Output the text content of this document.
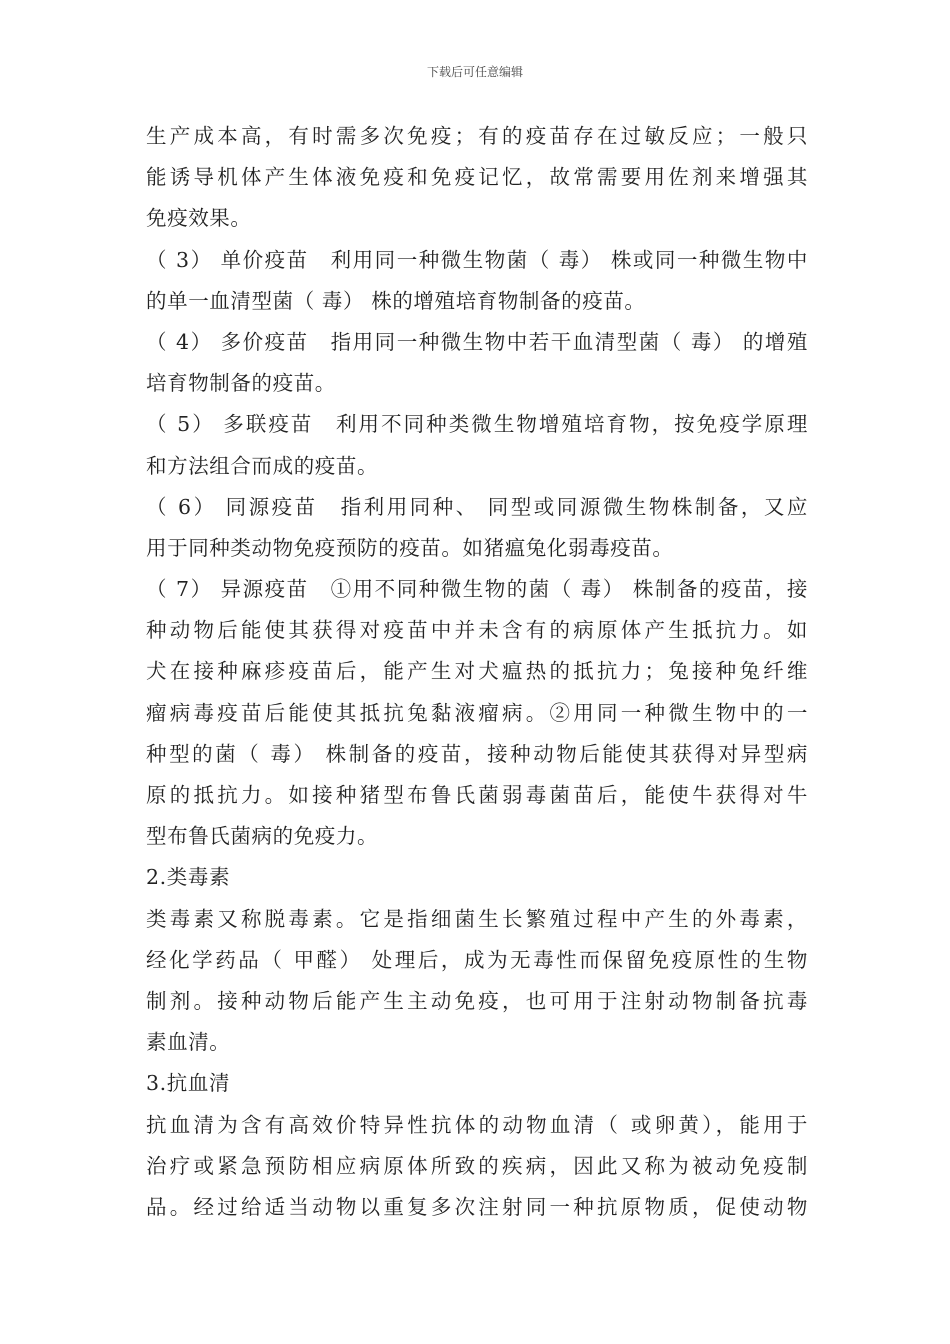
下载后可任意编辑
生产成本高，有时需多次免疫；有的疫苗存在过敏反应；一般只
能诱导机体产生体液免疫和免疫记忆，故常需要用佐剂来增强其
免疫效果。
（ 3） 单价疫苗　利用同一种微生物菌（ 毒） 株或同一种微生物中
的单一血清型菌（ 毒） 株的增殖培育物制备的疫苗。
（ 4） 多价疫苗　指用同一种微生物中若干血清型菌（ 毒） 的增殖
培育物制备的疫苗。
（ 5） 多联疫苗　利用不同种类微生物增殖培育物，按免疫学原理
和方法组合而成的疫苗。
（ 6） 同源疫苗　指利用同种、 同型或同源微生物株制备，又应
用于同种类动物免疫预防的疫苗。如猪瘟兔化弱毒疫苗。
（ 7） 异源疫苗　①用不同种微生物的菌（ 毒） 株制备的疫苗，接
种动物后能使其获得对疫苗中并未含有的病原体产生抵抗力。如
犬在接种麻疹疫苗后，能产生对犬瘟热的抵抗力；兔接种兔纤维
瘤病毒疫苗后能使其抵抗兔黏液瘤病。②用同一种微生物中的一
种型的菌（ 毒） 株制备的疫苗，接种动物后能使其获得对异型病
原的抵抗力。如接种猪型布鲁氏菌弱毒菌苗后，能使牛获得对牛
型布鲁氏菌病的免疫力。
2.类毒素
类毒素又称脱毒素。它是指细菌生长繁殖过程中产生的外毒素，
经化学药品（ 甲醛） 处理后，成为无毒性而保留免疫原性的生物
制剂。接种动物后能产生主动免疫，也可用于注射动物制备抗毒
素血清。
3.抗血清
抗血清为含有高效价特异性抗体的动物血清（ 或卵黄），能用于
治疗或紧急预防相应病原体所致的疾病，因此又称为被动免疫制
品。经过给适当动物以重复多次注射同一种抗原物质，促使动物
